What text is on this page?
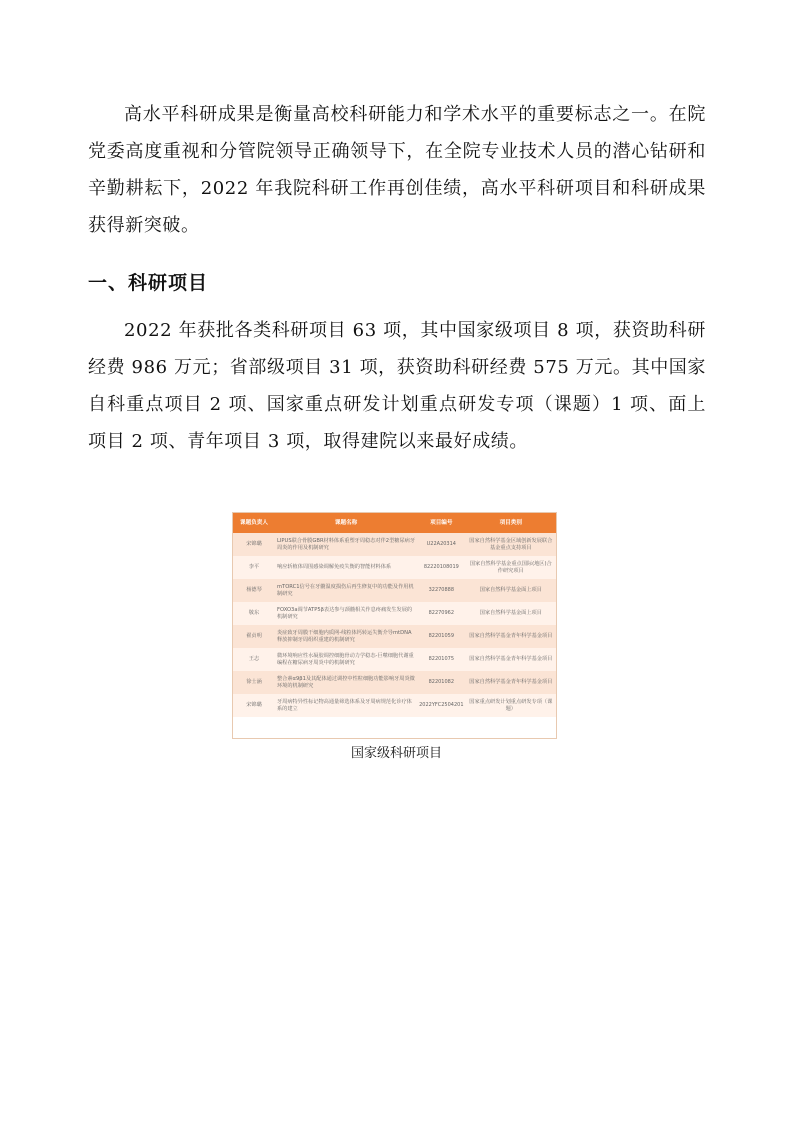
高水平科研成果是衡量高校科研能力和学术水平的重要标志之一。在院党委高度重视和分管院领导正确领导下，在全院专业技术人员的潜心钻研和辛勤耕耘下，2022 年我院科研工作再创佳绩，高水平科研项目和科研成果获得新突破。

一、科研项目

2022 年获批各类科研项目 63 项，其中国家级项目 8 项，获资助科研经费 986 万元；省部级项目 31 项，获资助科研经费 575 万元。其中国家自科重点项目 2 项、国家重点研发计划重点研发专项（课题）1 项、面上项目 2 项、青年项目 3 项，取得建院以来最好成绩。

课题负责人	课题名称	项目编号	项目类别
宋锦璐	LIPUS联合骨膜GBR材料体系重塑牙周稳态对伴2型糖尿病牙周炎的作用及机制研究	U22A20314	国家自然科学基金区域创新发展联合基金重点支持项目
李平	响应斩植体周围感染调解免疫失衡的智能材料体系	82220108019	国家自然科学基金重点国际(地区)合作研究项目
杨德琴	mTORC1信号在牙髓温度损伤后再生修复中的功能及作用机制研究	32270888	国家自然科学基金面上项目
敬东	FOXO3a调节ATP5β表达参与颈髓相关作息疼痛发生发展的机制研究	82270962	国家自然科学基金面上项目
翟贞明	炎症致牙周膜干细胞内质网-线粒体钙转运失衡介导mtDNA释放抑制牙周组织重建的机制研究	82201059	国家自然科学基金青年科学基金项目
王志	微环境响应性水凝胶调控细胞骨动力学稳态-巨噬细胞代谢重编程在糖尿病牙周炎中的机制研究	82201075	国家自然科学基金青年科学基金项目
徐士涵	整合素α9β1及其配体通过调控中性粒细胞功能影响牙周炎微环境的机制研究	82201082	国家自然科学基金青年科学基金项目
宋锦璐	牙周病特异性标记物高通量筛选体系及牙周病规范化诊疗体系的建立	2022YFC2504201	国家重点研发计划重点研发专项（课题）

国家级科研项目
